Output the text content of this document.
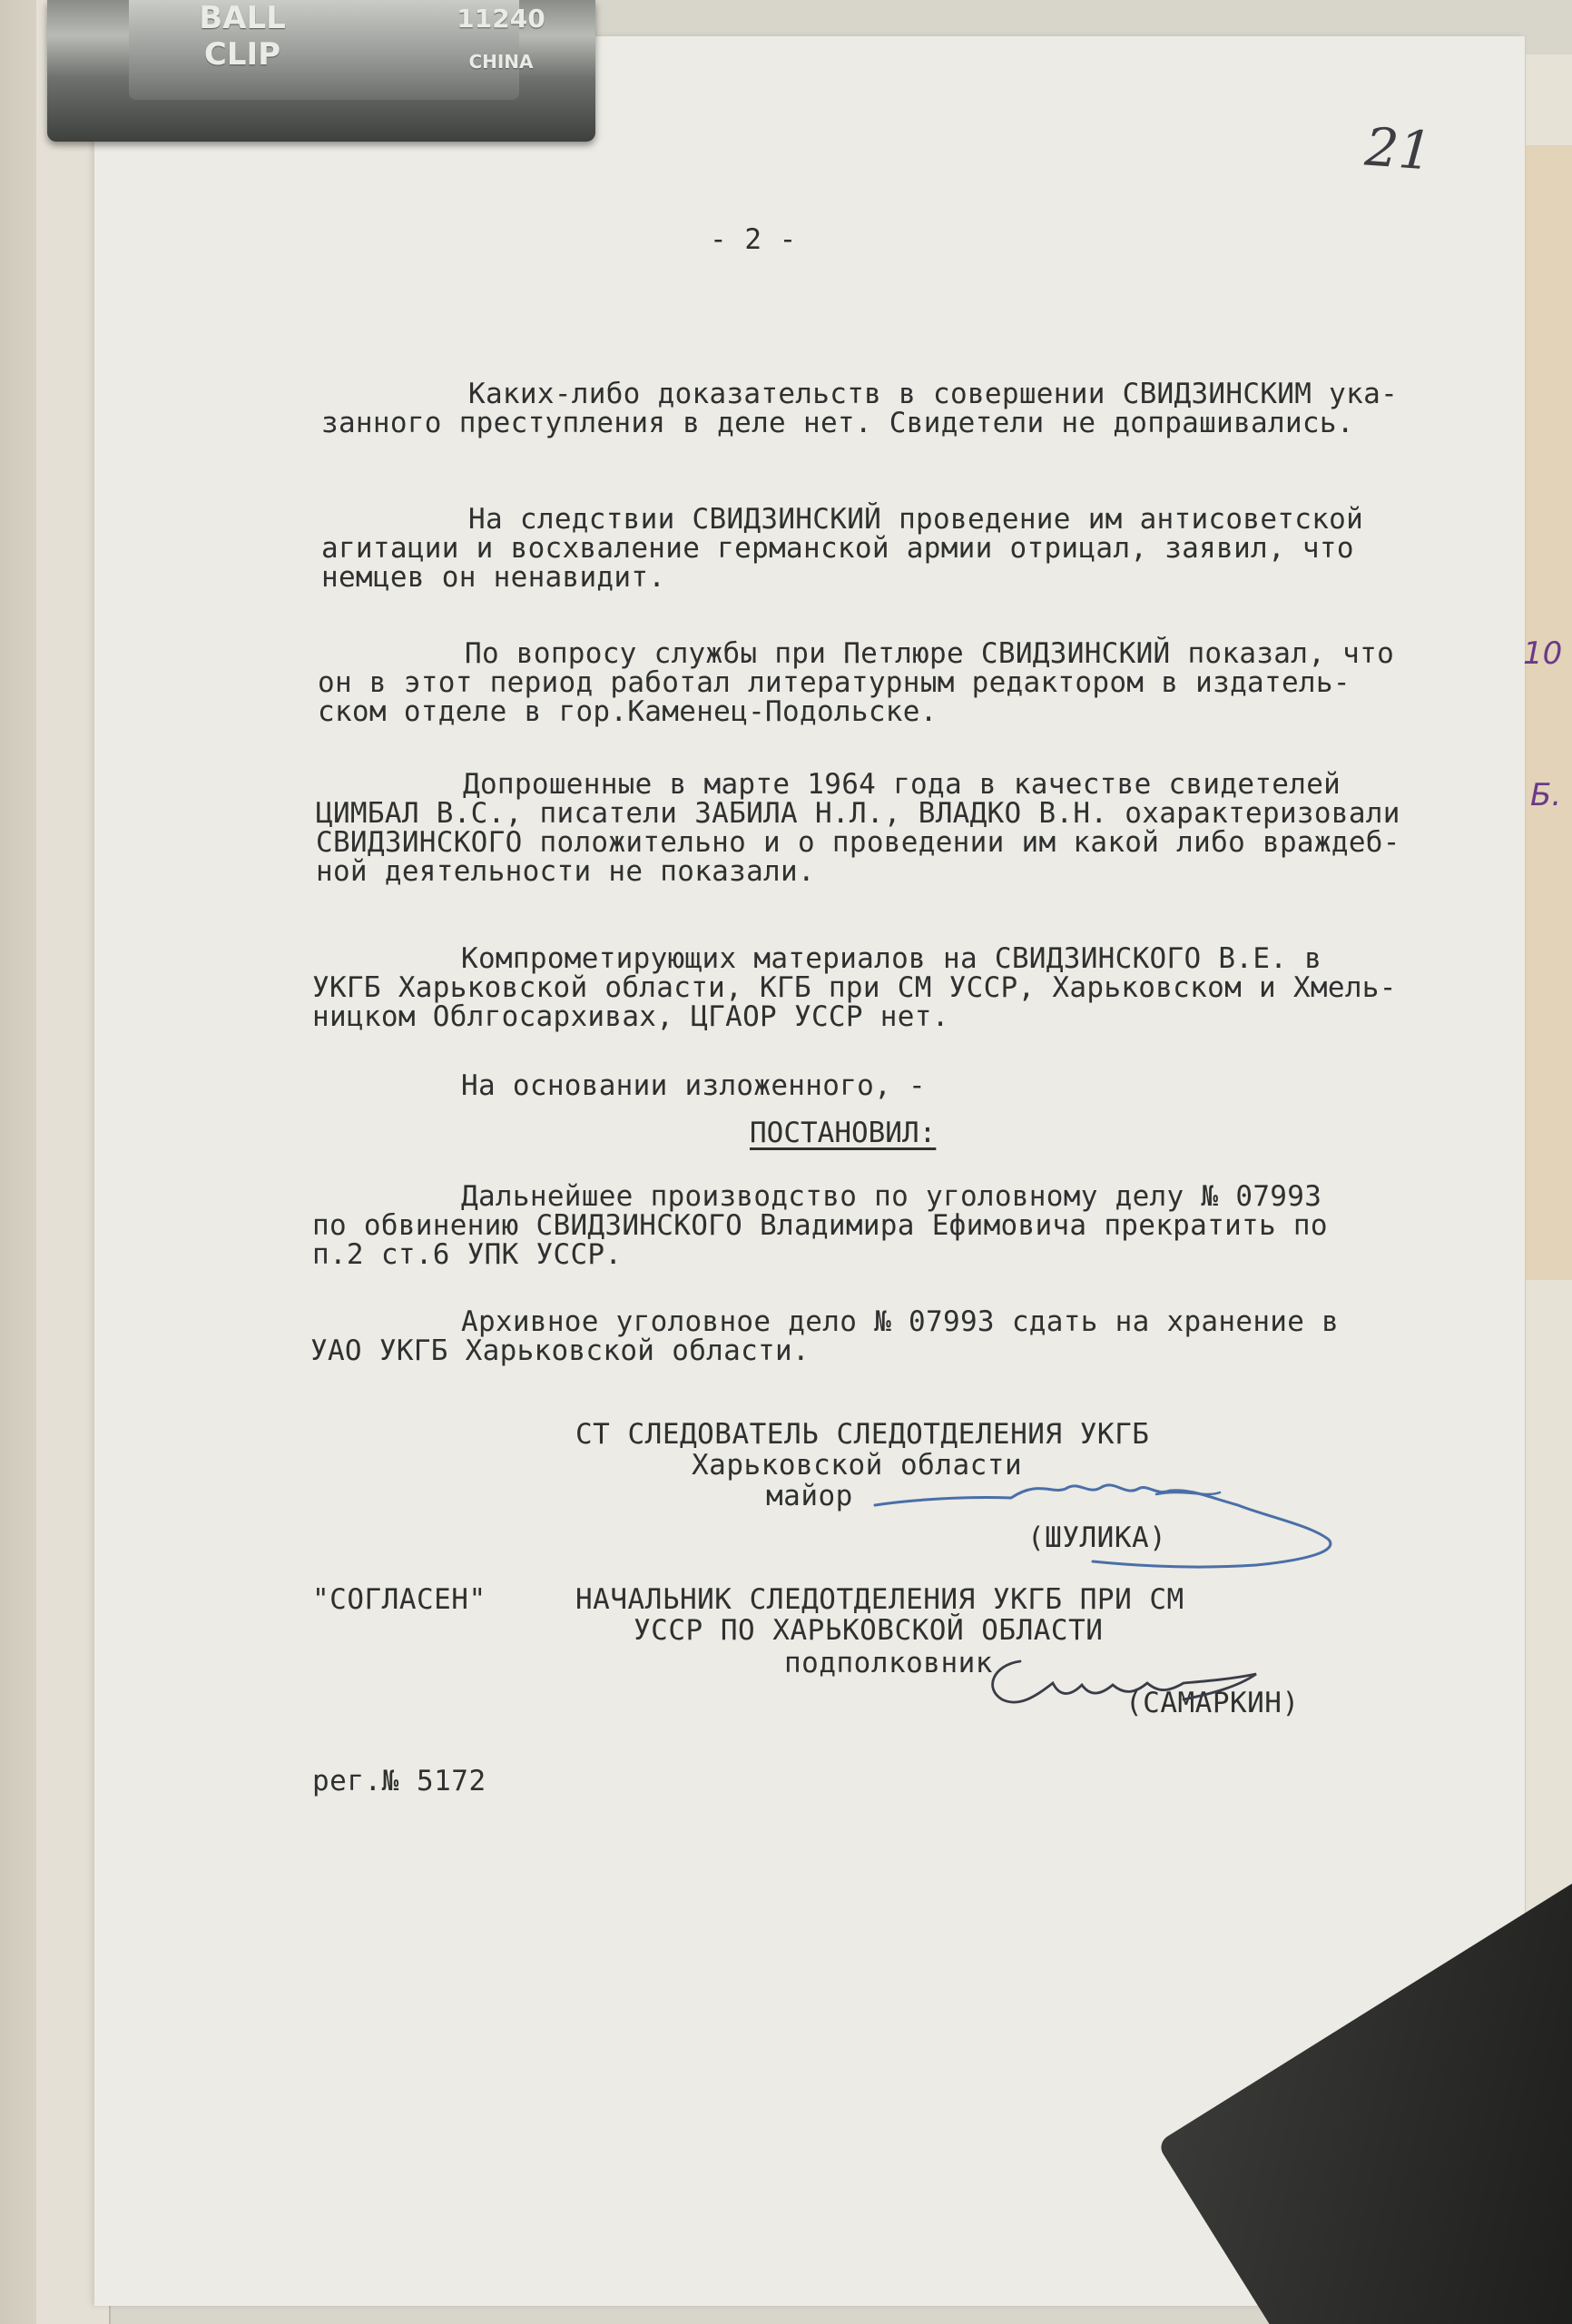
21
- 2 -
Каких-либо доказательств в совершении СВИДЗИНСКИМ ука-
занного преступления в деле нет. Свидетели не допрашивались.
На следствии СВИДЗИНСКИЙ проведение им антисоветской
агитации и восхваление германской армии отрицал, заявил, что
немцев он ненавидит.
По вопросу службы при Петлюре СВИДЗИНСКИЙ показал, что
он в этот период работал литературным редактором в издатель-
ском отделе в гор.Каменец-Подольске.
Допрошенные в марте 1964 года в качестве свидетелей
ЦИМБАЛ В.С., писатели ЗАБИЛА Н.Л., ВЛАДКО В.Н. охарактеризовали
СВИДЗИНСКОГО положительно и о проведении им какой либо враждеб-
ной деятельности не показали.
Компрометирующих материалов на СВИДЗИНСКОГО В.Е. в
УКГБ Харьковской области, КГБ при СМ УССР, Харьковском и Хмель-
ницком Облгосархивах, ЦГАОР УССР нет.
На основании изложенного, -
ПОСТАНОВИЛ:
Дальнейшее производство по уголовному делу № 07993
по обвинению СВИДЗИНСКОГО Владимира Ефимовича прекратить по
п.2 ст.6 УПК УССР.
Архивное уголовное дело № 07993 сдать на хранение в
УАО УКГБ Харьковской области.
СТ СЛЕДОВАТЕЛЬ СЛЕДОТДЕЛЕНИЯ УКГБ
Харьковской области
майор
(ШУЛИКА)
"СОГЛАСЕН"	НАЧАЛЬНИК СЛЕДОТДЕЛЕНИЯ УКГБ ПРИ СМ
УССР ПО ХАРЬКОВСКОЙ ОБЛАСТИ
подполковник
(САМАРКИН)
рег.№ 5172
10
Б.
BALL
CLIP
11240
CHINA
